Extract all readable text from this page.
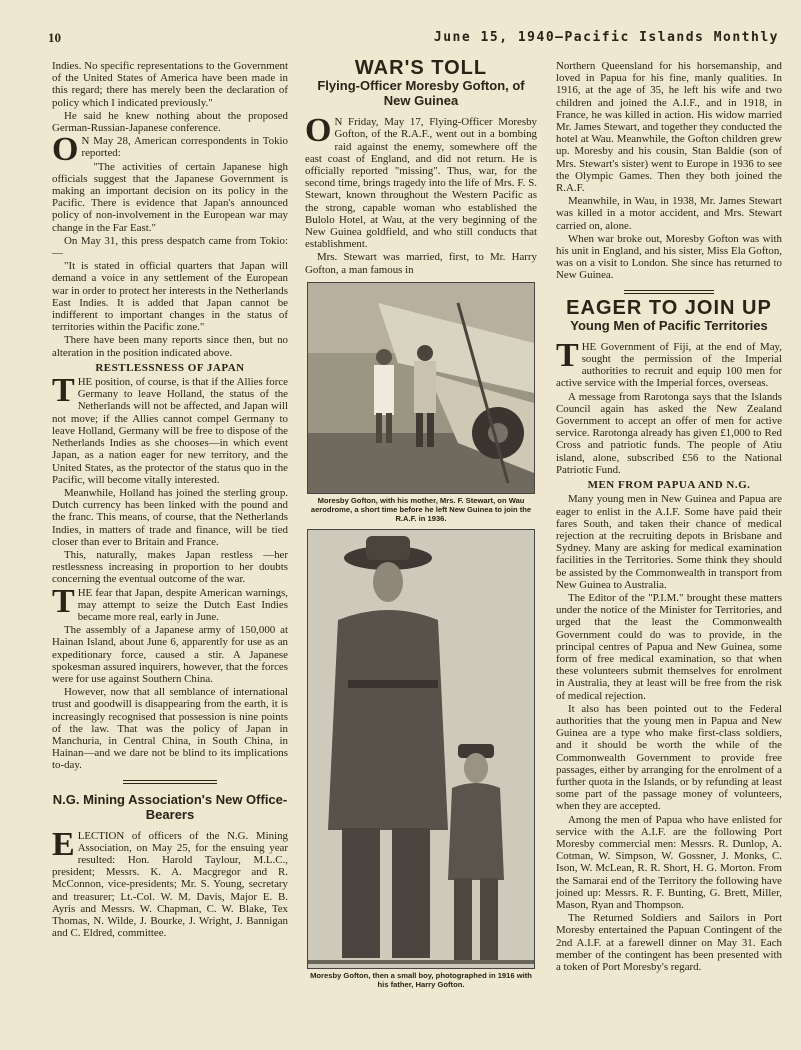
10	June 15, 1940—Pacific Islands Monthly

Indies. No specific representations to the Government of the United States of America have been made in this regard; there has merely been the declaration of policy which I indicated previously."

He said he knew nothing about the proposed German-Russian-Japanese conference.

O N May 28, American correspondents in Tokio reported:

"The activities of certain Japanese high officials suggest that the Japanese Government is making an important decision on its policy in the Pacific. There is evidence that Japan's announced policy of non-involvement in the European war may change in the Far East."

On May 31, this press despatch came from Tokio:—

"It is stated in official quarters that Japan will demand a voice in any settlement of the European war in order to protect her interests in the Netherlands East Indies. It is added that Japan cannot be indifferent to important changes in the status of territories within the Pacific zone."

There have been many reports since then, but no alteration in the position indicated above.

RESTLESSNESS OF JAPAN

THE position, of course, is that if the Allies force Germany to leave Holland, the status of the Netherlands will not be affected, and Japan will not move; if the Allies cannot compel Germany to leave Holland, Germany will be free to dispose of the Netherlands Indies as she chooses—in which event Japan, as a nation eager for new territory, and the United States, as the protector of the status quo in the Pacific, will become vitally interested.

Meanwhile, Holland has joined the sterling group. Dutch currency has been linked with the pound and the franc. This means, of course, that the Netherlands Indies, in matters of trade and finance, will be tied closer than ever to Britain and France.

This, naturally, makes Japan restless —her restlessness increasing in proportion to her doubts concerning the eventual outcome of the war.

THE fear that Japan, despite American warnings, may attempt to seize the Dutch East Indies became more real, early in June.

The assembly of a Japanese army of 150,000 at Hainan Island, about June 6, apparently for use as an expeditionary force, caused a stir. A Japanese spokesman assured inquirers, however, that the forces were for use against Southern China.

However, now that all semblance of international trust and goodwill is disappearing from the earth, it is increasingly recognised that possession is nine points of the law. That was the policy of Japan in Manchuria, in Central China, in South China, in Hainan—and we dare not be blind to its implications to-day.

N.G. Mining Association's New Office-Bearers

ELECTION of officers of the N.G. Mining Association, on May 25, for the ensuing year resulted: Hon. Harold Taylour, M.L.C., president; Messrs. K. A. Macgregor and R. McConnon, vice-presidents; Mr. S. Young, secretary and treasurer; Lt.-Col. W. M. Davis, Major E. B. Ayris and Messrs. W. Chapman, C. W. Blake, Tex Thomas, N. Wilde, J. Bourke, J. Wright, J. Bannigan and C. Eldred, committee.

WAR'S TOLL
Flying-Officer Moresby Gofton, of New Guinea

O N Friday, May 17, Flying-Officer Moresby Gofton, of the R.A.F., went out in a bombing raid against the enemy, somewhere off the east coast of England, and did not return. He is officially reported "missing". Thus, war, for the second time, brings tragedy into the life of Mrs. F. S. Stewart, known throughout the Western Pacific as the strong, capable woman who established the Bulolo Hotel, at Wau, at the very beginning of the New Guinea goldfield, and who still conducts that establishment.

Mrs. Stewart was married, first, to Mr. Harry Gofton, a man famous in

Moresby Gofton, with his mother, Mrs. F. Stewart, on Wau aerodrome, a short time before he left New Guinea to join the R.A.F. in 1936.
Moresby Gofton, then a small boy, photographed in 1916 with his father, Harry Gofton.

Northern Queensland for his horsemanship, and loved in Papua for his fine, manly qualities. In 1916, at the age of 35, he left his wife and two children and joined the A.I.F., and in 1918, in France, he was killed in action. His widow married Mr. James Stewart, and together they conducted the hotel at Wau. Meanwhile, the Gofton children grew up. Moresby and his cousin, Stan Baldie (son of Mrs. Stewart's sister) went to Europe in 1936 to see the Olympic Games. Then they both joined the R.A.F.

Meanwhile, in Wau, in 1938, Mr. James Stewart was killed in a motor accident, and Mrs. Stewart carried on, alone.

When war broke out, Moresby Gofton was with his unit in England, and his sister, Miss Ela Gofton, was on a visit to London. She since has returned to New Guinea.

EAGER TO JOIN UP
Young Men of Pacific Territories

THE Government of Fiji, at the end of May, sought the permission of the Imperial authorities to recruit and equip 100 men for active service with the Imperial forces, overseas.

A message from Rarotonga says that the Islands Council again has asked the New Zealand Government to accept an offer of men for active service. Rarotonga already has given £1,000 to Red Cross and patriotic funds. The people of Atiu island, alone, subscribed £56 to the National Patriotic Fund.

MEN FROM PAPUA AND N.G.

Many young men in New Guinea and Papua are eager to enlist in the A.I.F. Some have paid their fares South, and taken their chance of medical rejection at the recruiting depots in Brisbane and Sydney. Many are asking for medical examination facilities in the Territories. Some think they should be assisted by the Commonwealth in transport from New Guinea to Australia.

The Editor of the "P.I.M." brought these matters under the notice of the Minister for Territories, and urged that the least the Commonwealth Government could do was to provide, in the principal centres of Papua and New Guinea, some form of free medical examination, so that when these volunteers submit themselves for enrolment in Australia, they at least will be free from the risk of medical rejection.

It also has been pointed out to the Federal authorities that the young men in Papua and New Guinea are a type who make first-class soldiers, and it should be worth the while of the Commonwealth Government to provide free passages, either by arranging for the enrolment of a further quota in the Islands, or by refunding at least some part of the passage money of volunteers, when they are accepted.

Among the men of Papua who have enlisted for service with the A.I.F. are the following Port Moresby commercial men: Messrs. R. Dunlop, A. Cotman, W. Simpson, W. Gossner, J. Monks, C. Ison, W. McLean, R. R. Short, H. G. Morton. From the Samarai end of the Territory the following have joined up: Messrs. R. F. Bunting, G. Brett, Miller, Mason, Ryan and Thompson.

The Returned Soldiers and Sailors in Port Moresby entertained the Papuan Contingent of the 2nd A.I.F. at a farewell dinner on May 31. Each member of the contingent has been presented with a token of Port Moresby's regard.
